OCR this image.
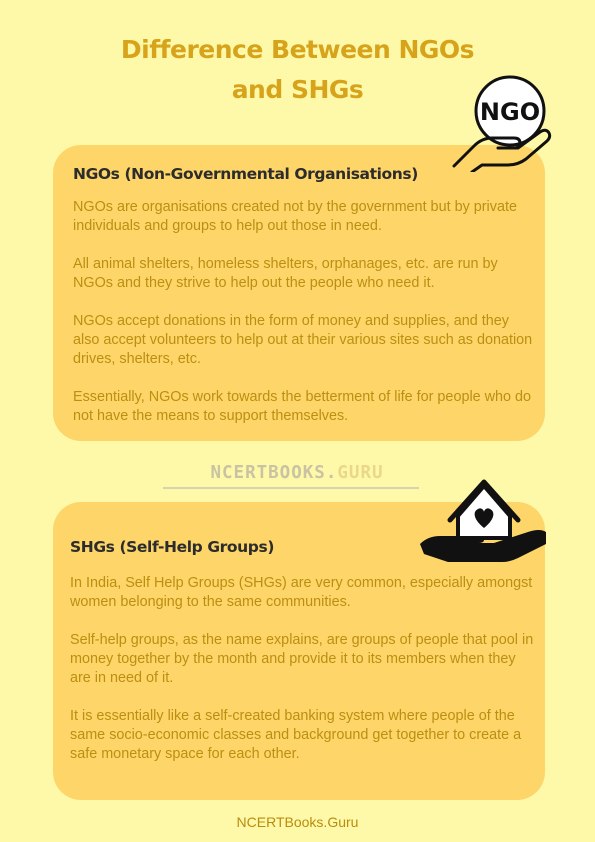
Difference Between NGOs
and SHGs
NGOs (Non-Governmental Organisations)

NGOs are organisations created not by the government but by private individuals and groups to help out those in need.

All animal shelters, homeless shelters, orphanages, etc. are run by NGOs and they strive to help out the people who need it.

NGOs accept donations in the form of money and supplies, and they also accept volunteers to help out at their various sites such as donation drives, shelters, etc.

Essentially, NGOs work towards the betterment of life for people who do not have the means to support themselves.

NGO
NCERTBOOKS.GURU
SHGs (Self-Help Groups)

In India, Self Help Groups (SHGs) are very common, especially amongst women belonging to the same communities.

Self-help groups, as the name explains, are groups of people that pool in money together by the month and provide it to its members when they are in need of it.

It is essentially like a self-created banking system where people of the same socio-economic classes and background get together to create a safe monetary space for each other.

NCERTBooks.Guru
